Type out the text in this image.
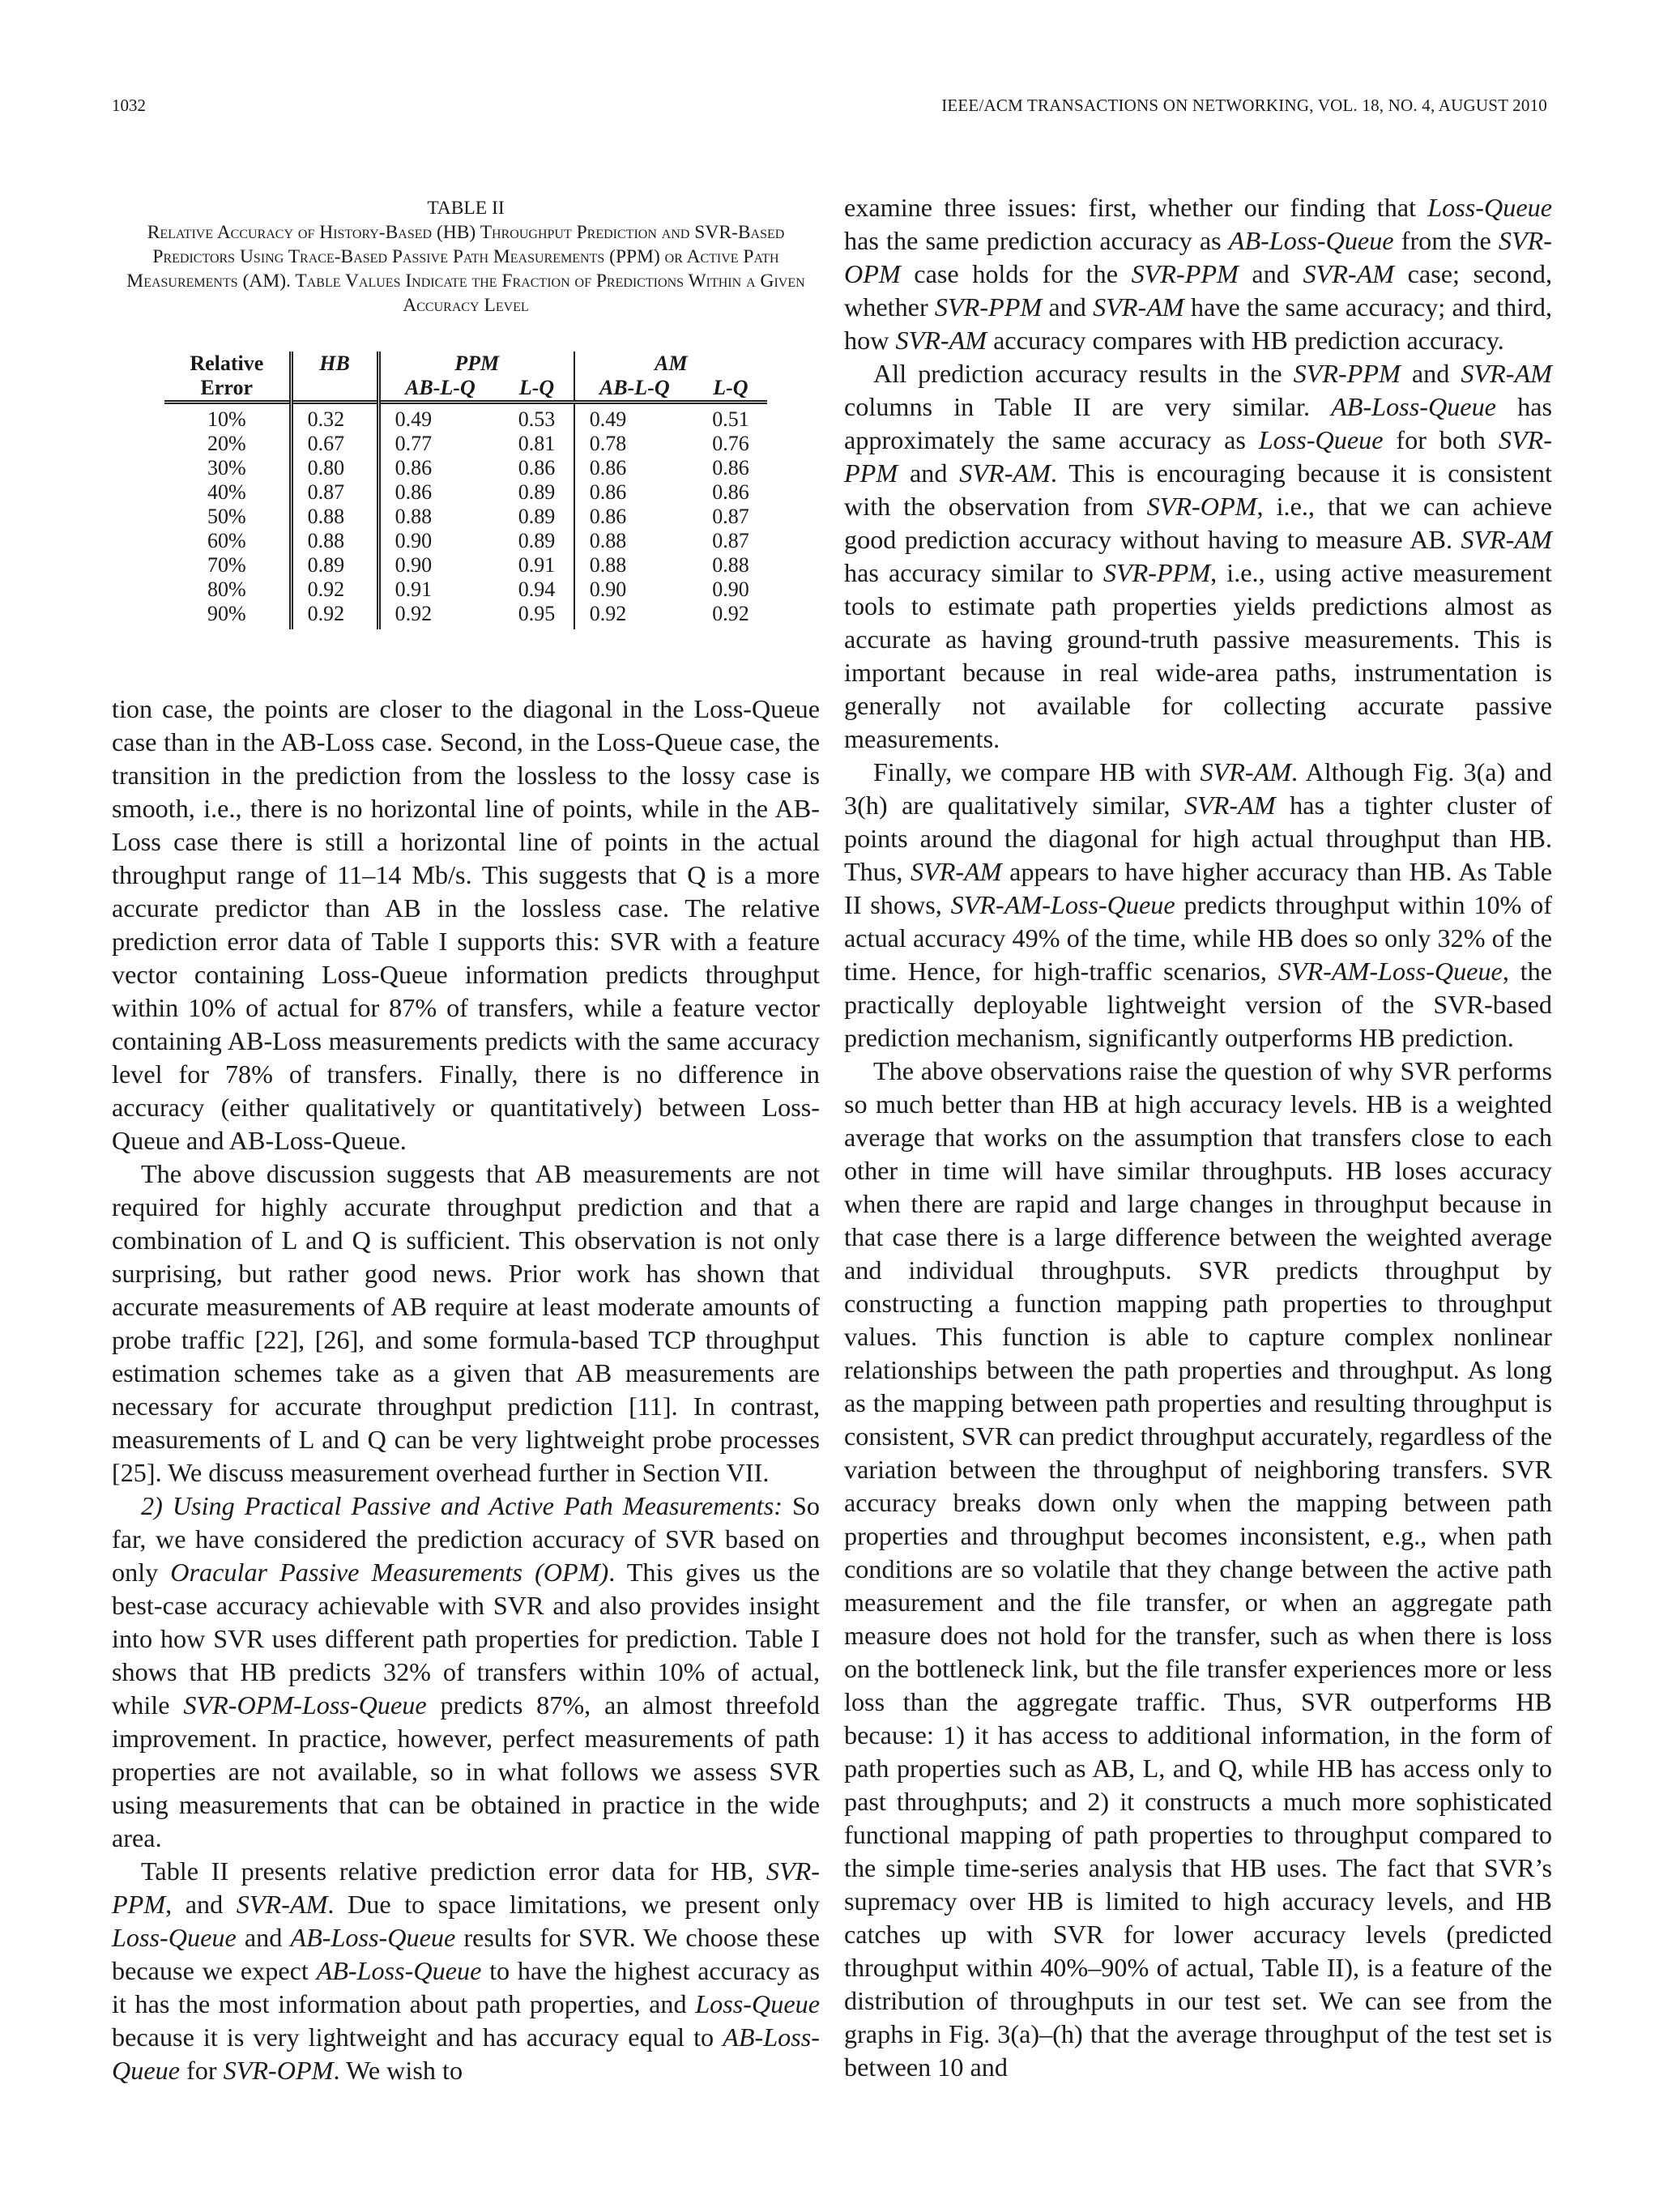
1032	IEEE/ACM TRANSACTIONS ON NETWORKING, VOL. 18, NO. 4, AUGUST 2010
TABLE II
Relative Accuracy of History-Based (HB) Throughput Prediction and SVR-Based Predictors Using Trace-Based Passive Path Measurements (PPM) or Active Path Measurements (AM). Table Values Indicate the Fraction of Predictions Within a Given Accuracy Level
Relative
Error	HB	PPM		AM	
		AB-L-Q	L-Q	AB-L-Q	L-Q
10%	0.32	0.49	0.53	0.49	0.51
20%	0.67	0.77	0.81	0.78	0.76
30%	0.80	0.86	0.86	0.86	0.86
40%	0.87	0.86	0.89	0.86	0.86
50%	0.88	0.88	0.89	0.86	0.87
60%	0.88	0.90	0.89	0.88	0.87
70%	0.89	0.90	0.91	0.88	0.88
80%	0.92	0.91	0.94	0.90	0.90
90%	0.92	0.92	0.95	0.92	0.92

tion case, the points are closer to the diagonal in the Loss-Queue case than in the AB-Loss case. Second, in the Loss-Queue case, the transition in the prediction from the lossless to the lossy case is smooth, i.e., there is no horizontal line of points, while in the AB-Loss case there is still a horizontal line of points in the actual throughput range of 11–14 Mb/s. This suggests that Q is a more accurate predictor than AB in the lossless case. The relative prediction error data of Table I supports this: SVR with a feature vector containing Loss-Queue information predicts throughput within 10% of actual for 87% of transfers, while a feature vector containing AB-Loss measurements predicts with the same accuracy level for 78% of transfers. Finally, there is no difference in accuracy (either qualitatively or quantitatively) between Loss-Queue and AB-Loss-Queue.

The above discussion suggests that AB measurements are not required for highly accurate throughput prediction and that a combination of L and Q is sufficient. This observation is not only surprising, but rather good news. Prior work has shown that accurate measurements of AB require at least moderate amounts of probe traffic [22], [26], and some formula-based TCP throughput estimation schemes take as a given that AB measurements are necessary for accurate throughput prediction [11]. In contrast, measurements of L and Q can be very lightweight probe processes [25]. We discuss measurement overhead further in Section VII.

2) Using Practical Passive and Active Path Measurements: So far, we have considered the prediction accuracy of SVR based on only Oracular Passive Measurements (OPM). This gives us the best-case accuracy achievable with SVR and also provides insight into how SVR uses different path properties for prediction. Table I shows that HB predicts 32% of transfers within 10% of actual, while SVR-OPM-Loss-Queue predicts 87%, an almost threefold improvement. In practice, however, perfect measurements of path properties are not available, so in what follows we assess SVR using measurements that can be obtained in practice in the wide area.

Table II presents relative prediction error data for HB, SVR-PPM, and SVR-AM. Due to space limitations, we present only Loss-Queue and AB-Loss-Queue results for SVR. We choose these because we expect AB-Loss-Queue to have the highest accuracy as it has the most information about path properties, and Loss-Queue because it is very lightweight and has accuracy equal to AB-Loss-Queue for SVR-OPM. We wish to

examine three issues: first, whether our finding that Loss-Queue has the same prediction accuracy as AB-Loss-Queue from the SVR-OPM case holds for the SVR-PPM and SVR-AM case; second, whether SVR-PPM and SVR-AM have the same accuracy; and third, how SVR-AM accuracy compares with HB prediction accuracy.

All prediction accuracy results in the SVR-PPM and SVR-AM columns in Table II are very similar. AB-Loss-Queue has approximately the same accuracy as Loss-Queue for both SVR-PPM and SVR-AM. This is encouraging because it is consistent with the observation from SVR-OPM, i.e., that we can achieve good prediction accuracy without having to measure AB. SVR-AM has accuracy similar to SVR-PPM, i.e., using active measurement tools to estimate path properties yields predictions almost as accurate as having ground-truth passive measurements. This is important because in real wide-area paths, instrumentation is generally not available for collecting accurate passive measurements.

Finally, we compare HB with SVR-AM. Although Fig. 3(a) and 3(h) are qualitatively similar, SVR-AM has a tighter cluster of points around the diagonal for high actual throughput than HB. Thus, SVR-AM appears to have higher accuracy than HB. As Table II shows, SVR-AM-Loss-Queue predicts throughput within 10% of actual accuracy 49% of the time, while HB does so only 32% of the time. Hence, for high-traffic scenarios, SVR-AM-Loss-Queue, the practically deployable lightweight version of the SVR-based prediction mechanism, significantly outperforms HB prediction.

The above observations raise the question of why SVR performs so much better than HB at high accuracy levels. HB is a weighted average that works on the assumption that transfers close to each other in time will have similar throughputs. HB loses accuracy when there are rapid and large changes in throughput because in that case there is a large difference between the weighted average and individual throughputs. SVR predicts throughput by constructing a function mapping path properties to throughput values. This function is able to capture complex nonlinear relationships between the path properties and throughput. As long as the mapping between path properties and resulting throughput is consistent, SVR can predict throughput accurately, regardless of the variation between the throughput of neighboring transfers. SVR accuracy breaks down only when the mapping between path properties and throughput becomes inconsistent, e.g., when path conditions are so volatile that they change between the active path measurement and the file transfer, or when an aggregate path measure does not hold for the transfer, such as when there is loss on the bottleneck link, but the file transfer experiences more or less loss than the aggregate traffic. Thus, SVR outperforms HB because: 1) it has access to additional information, in the form of path properties such as AB, L, and Q, while HB has access only to past throughputs; and 2) it constructs a much more sophisticated functional mapping of path properties to throughput compared to the simple time-series analysis that HB uses. The fact that SVR’s supremacy over HB is limited to high accuracy levels, and HB catches up with SVR for lower accuracy levels (predicted throughput within 40%–90% of actual, Table II), is a feature of the distribution of throughputs in our test set. We can see from the graphs in Fig. 3(a)–(h) that the average throughput of the test set is between 10 and
